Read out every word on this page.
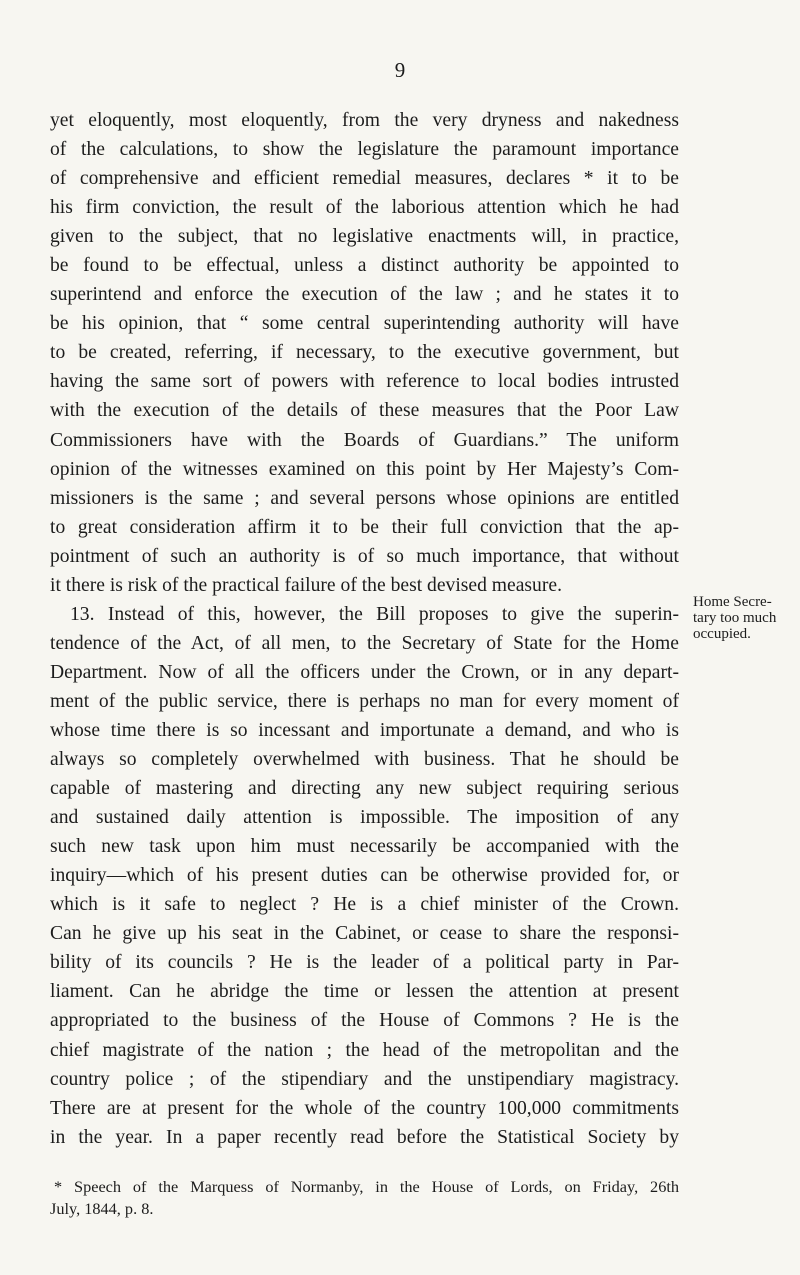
9
yet eloquently, most eloquently, from the very dryness and nakedness
of the calculations, to show the legislature the paramount importance
of comprehensive and efficient remedial measures, declares * it to be
his firm conviction, the result of the laborious attention which he had
given to the subject, that no legislative enactments will, in practice,
be found to be effectual, unless a distinct authority be appointed to
superintend and enforce the execution of the law ; and he states it to
be his opinion, that “ some central superintending authority will have
to be created, referring, if necessary, to the executive government, but
having the same sort of powers with reference to local bodies intrusted
with the execution of the details of these measures that the Poor Law
Commissioners have with the Boards of Guardians.” The uniform
opinion of the witnesses examined on this point by Her Majesty’s Com-
missioners is the same ; and several persons whose opinions are entitled
to great consideration affirm it to be their full conviction that the ap-
pointment of such an authority is of so much importance, that without
it there is risk of the practical failure of the best devised measure.
13. Instead of this, however, the Bill proposes to give the superin-
tendence of the Act, of all men, to the Secretary of State for the Home
Department. Now of all the officers under the Crown, or in any depart-
ment of the public service, there is perhaps no man for every moment of
whose time there is so incessant and importunate a demand, and who is
always so completely overwhelmed with business. That he should be
capable of mastering and directing any new subject requiring serious
and sustained daily attention is impossible. The imposition of any
such new task upon him must necessarily be accompanied with the
inquiry—which of his present duties can be otherwise provided for, or
which is it safe to neglect ? He is a chief minister of the Crown.
Can he give up his seat in the Cabinet, or cease to share the responsi-
bility of its councils ? He is the leader of a political party in Par-
liament. Can he abridge the time or lessen the attention at present
appropriated to the business of the House of Commons ? He is the
chief magistrate of the nation ; the head of the metropolitan and the
country police ; of the stipendiary and the unstipendiary magistracy.
There are at present for the whole of the country 100,000 commitments
in the year. In a paper recently read before the Statistical Society by
Home Secre-
tary too much
occupied.
* Speech of the Marquess of Normanby, in the House of Lords, on Friday, 26th
July, 1844, p. 8.
